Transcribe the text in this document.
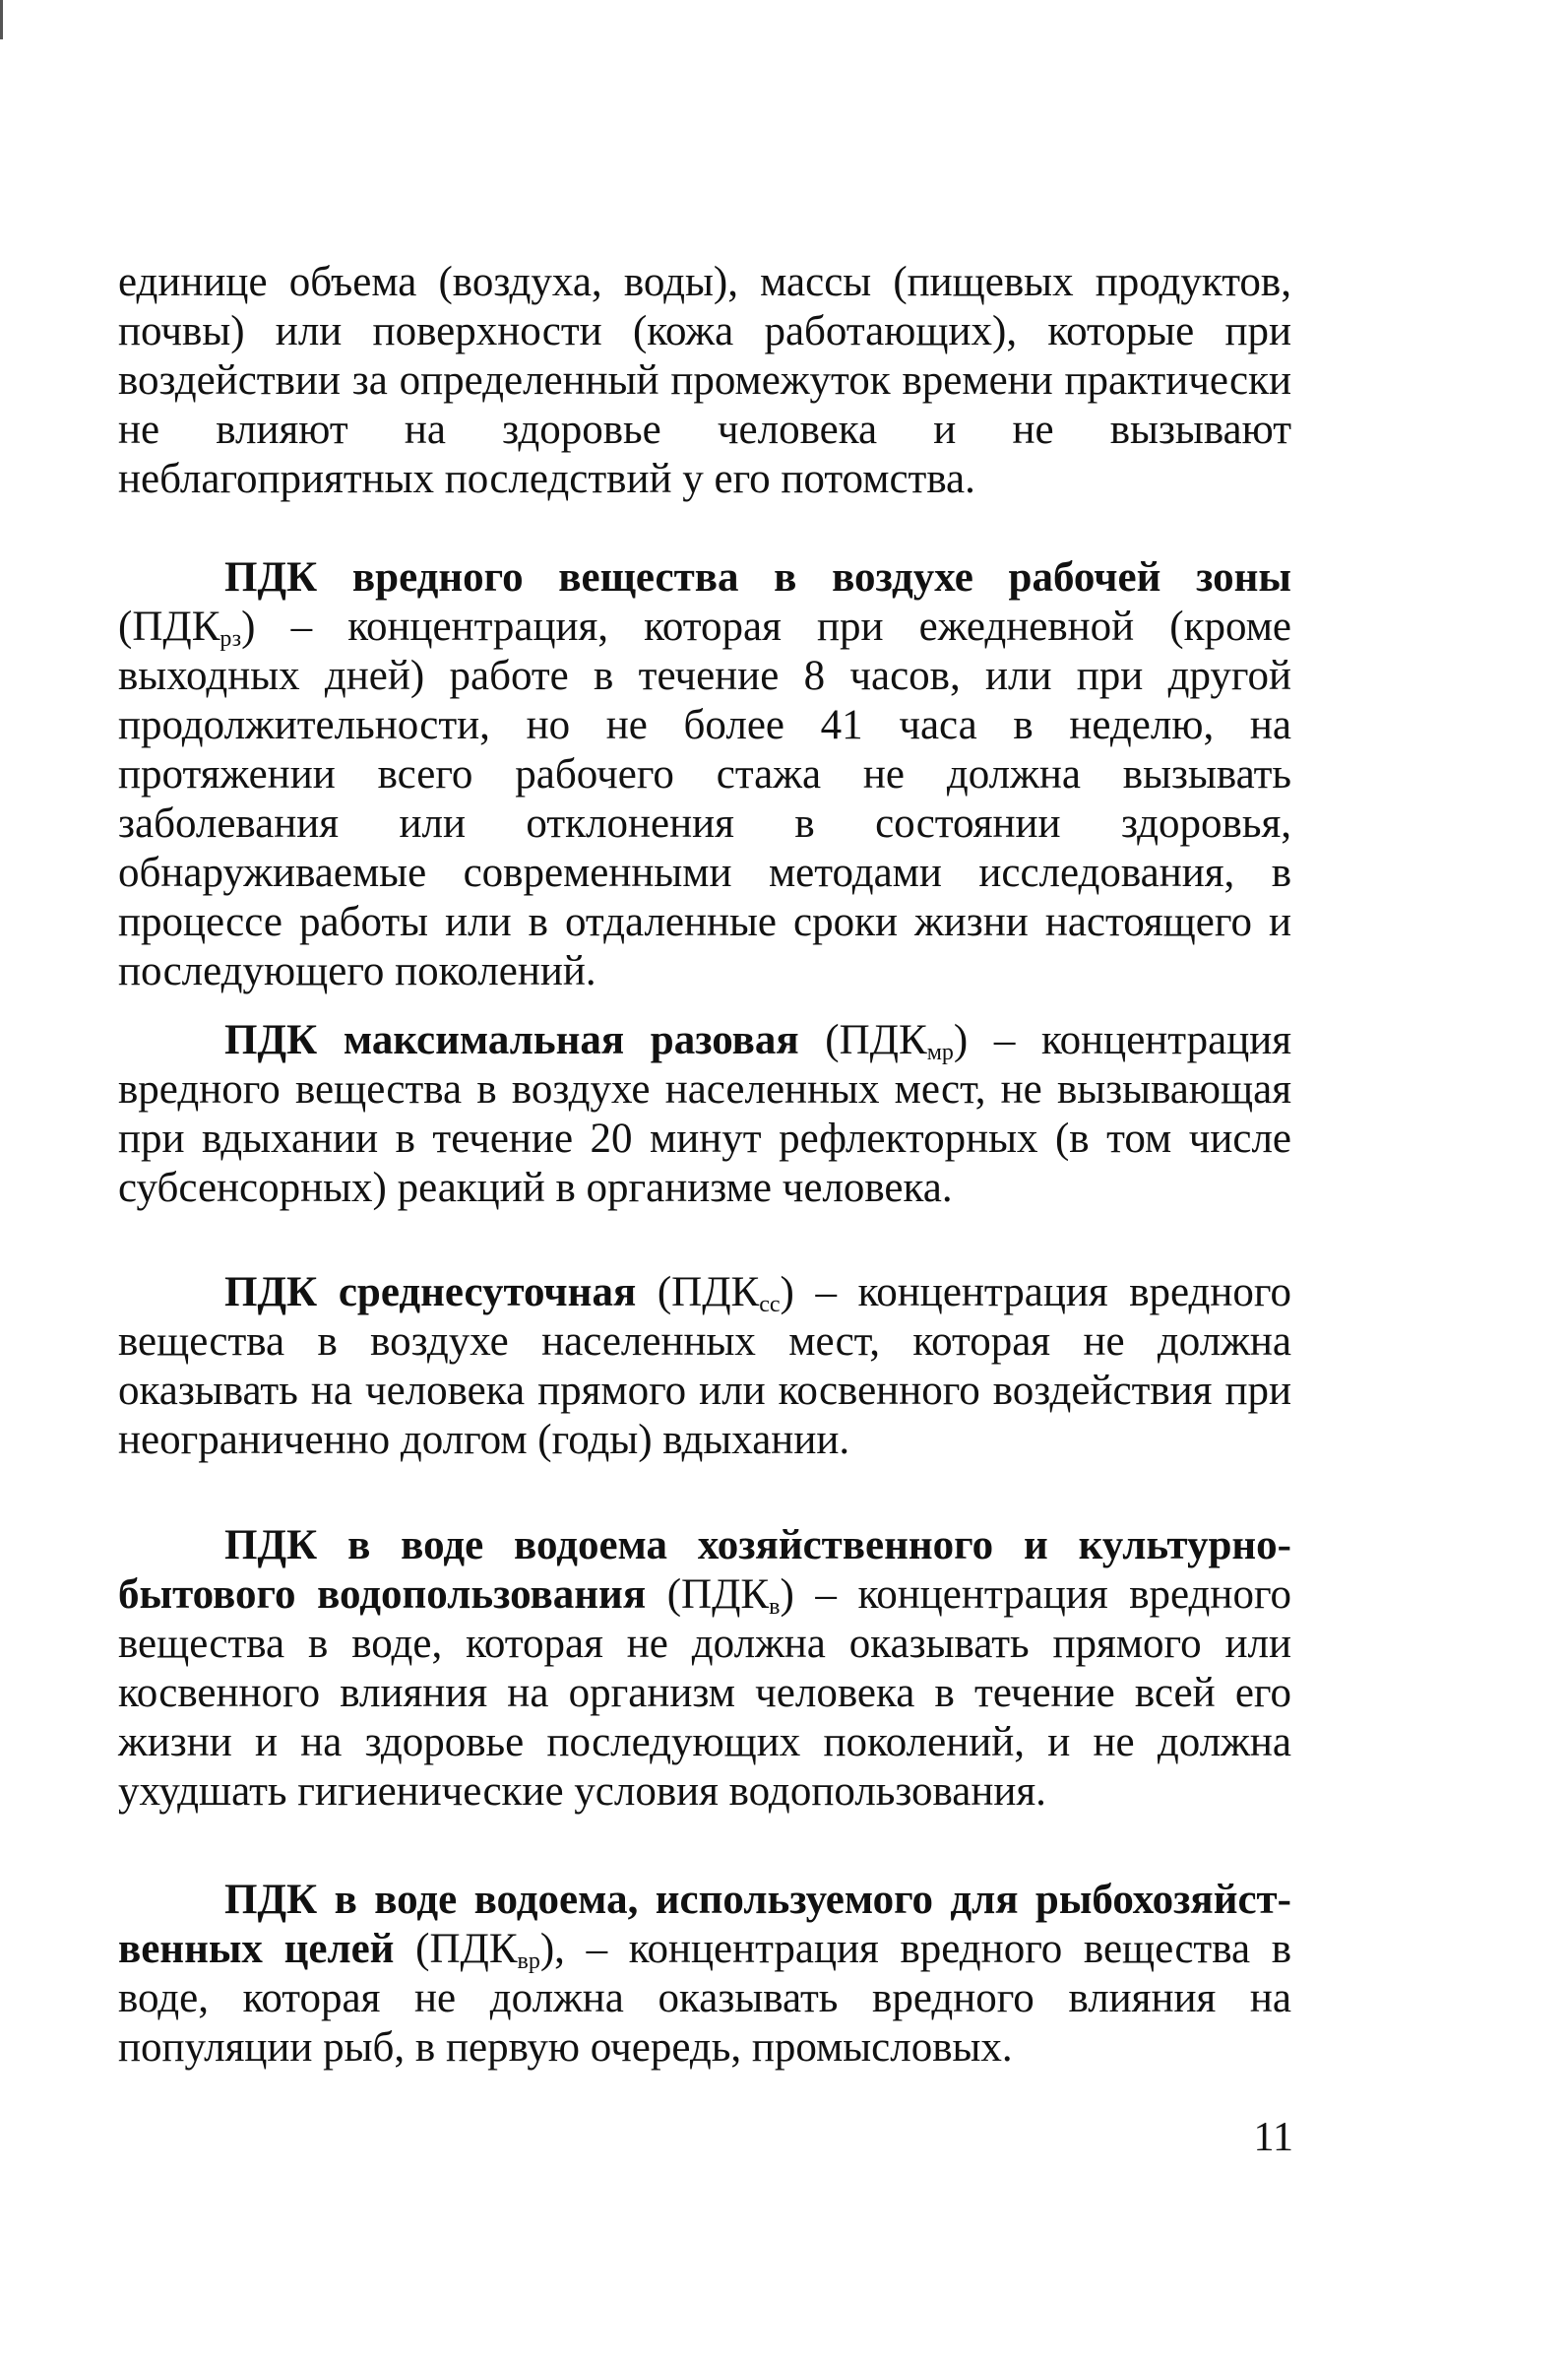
единице объема (воздуха, воды), массы (пищевых продуктов, почвы) или поверхности (кожа работающих), которые при воздействии за определенный промежуток времени практически не влияют на здоровье человека и не вызывают неблагоприятных последствий у его потомства.

ПДК вредного вещества в воздухе рабочей зоны $(ПДК_{рз})$ – концентрация, которая при ежедневной (кроме выходных дней) работе в течение 8 часов, или при другой продолжительности, но не более 41 часа в неделю, на протяжении всего рабочего стажа не должна вызывать заболевания или отклонения в состоянии здоровья, обнаруживаемые современными методами исследования, в процессе работы или в отдаленные сроки жизни настоящего и последующего поколений.

ПДК максимальная разовая $(ПДК_{мр})$ – концентрация вредного вещества в воздухе населенных мест, не вызывающая при вдыхании в течение 20 минут рефлекторных (в том числе субсенсорных) реакций в организме человека.

ПДК среднесуточная $(ПДК_{сс})$ – концентрация вредного вещества в воздухе населенных мест, которая не должна оказывать на человека прямого или косвенного воздействия при неограниченно долгом (годы) вдыхании.

ПДК в воде водоема хозяйственного и культурно-бытового водопользования $(ПДК_в)$ – концентрация вредного вещества в воде, которая не должна оказывать прямого или косвенного влияния на организм человека в течение всей его жизни и на здоровье последующих поколений, и не должна ухудшать гигиенические условия водопользования.

ПДК в воде водоема, используемого для рыбохозяйственных целей $(ПДК_{вр})$, – концентрация вредного вещества в воде, которая не должна оказывать вредного влияния на популяции рыб, в первую очередь, промысловых.

11
